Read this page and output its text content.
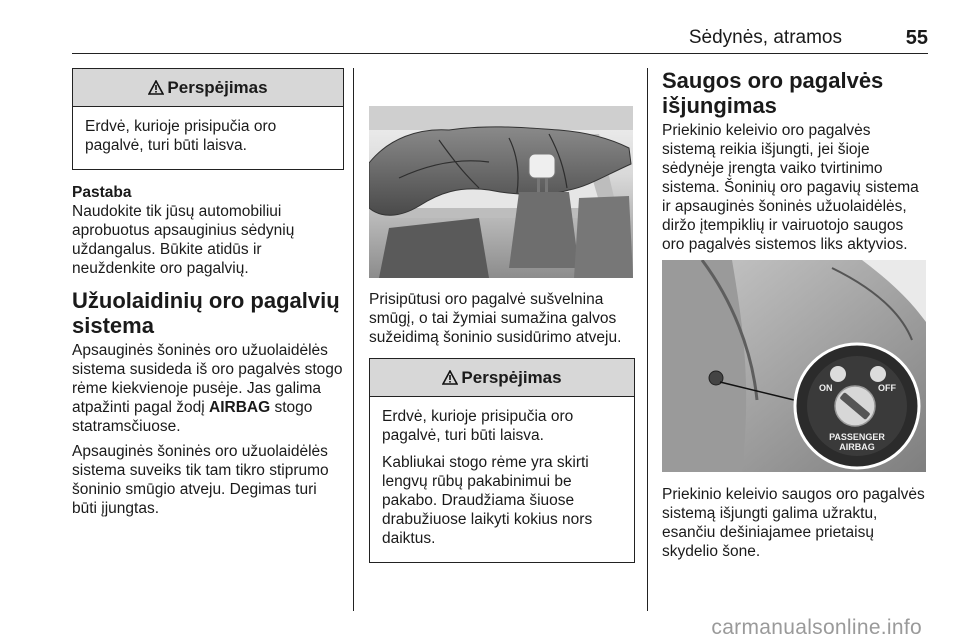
Sėdynės, atramos	55
Perspėjimas

Erdvė, kurioje prisipučia oro pagalvė, turi būti laisva.

Pastaba
Naudokite tik jūsų automobiliui aprobuotus apsauginius sėdynių uždangalus. Būkite atidūs ir neuždenkite oro pagalvių.
Užuolaidinių oro pagalvių sistema

Apsauginės šoninės oro užuolaidėlės sistema susideda iš oro pagalvės stogo rėme kiekvienoje pusėje. Jas galima atpažinti pagal žodį AIRBAG stogo statramsčiuose.

Apsauginės šoninės oro užuolaidėlės sistema suveiks tik tam tikro stiprumo šoninio smūgio atveju. Degimas turi būti įjungtas.

Prisipūtusi oro pagalvė sušvelnina smūgį, o tai žymiai sumažina galvos sužeidimą šoninio susidūrimo atveju.

Perspėjimas

Erdvė, kurioje prisipučia oro pagalvė, turi būti laisva.

Kabliukai stogo rėme yra skirti lengvų rūbų pakabinimui be pakabo. Draudžiama šiuose drabužiuose laikyti kokius nors daiktus.

Saugos oro pagalvės išjungimas

Priekinio keleivio oro pagalvės sistemą reikia išjungti, jei šioje sėdynėje įrengta vaiko tvirtinimo sistema. Šoninių oro pagavių sistema ir apsauginės šoninės užuolaidėlės, diržo įtempiklių ir vairuotojo saugos oro pagalvės sistemos liks aktyvios.

ON	OFF
PASSENGER
AIRBAG

Priekinio keleivio saugos oro pagalvės sistemą išjungti galima užraktu, esančiu dešiniajamee prietaisų skydelio šone.

carmanualsonline.info
